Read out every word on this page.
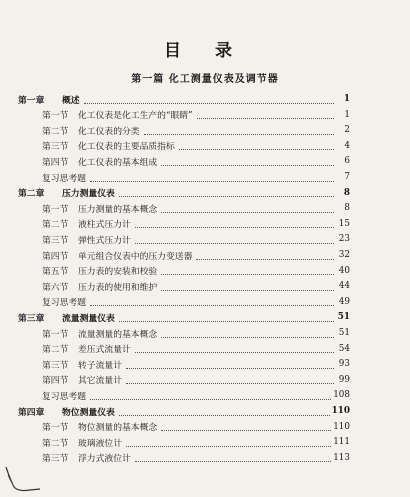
目 录
第一篇 化工测量仪表及调节器
第一章	概述	1
第一节	化工仪表是化工生产的“眼睛”	1
第二节	化工仪表的分类	2
第三节	化工仪表的主要品质指标	4
第四节	化工仪表的基本组成	6
复习思考题	7
第二章	压力测量仪表	8
第一节	压力测量的基本概念	8
第二节	液柱式压力计	15
第三节	弹性式压力计	23
第四节	单元组合仪表中的压力变送器	32
第五节	压力表的安装和校验	40
第六节	压力表的使用和维护	44
复习思考题	49
第三章	流量测量仪表	51
第一节	流量测量的基本概念	51
第二节	差压式流量计	54
第三节	转子流量计	93
第四节	其它流量计	99
复习思考题	108
第四章	物位测量仪表	110
第一节	物位测量的基本概念	110
第二节	玻璃液位计	111
第三节	浮力式液位计	113
